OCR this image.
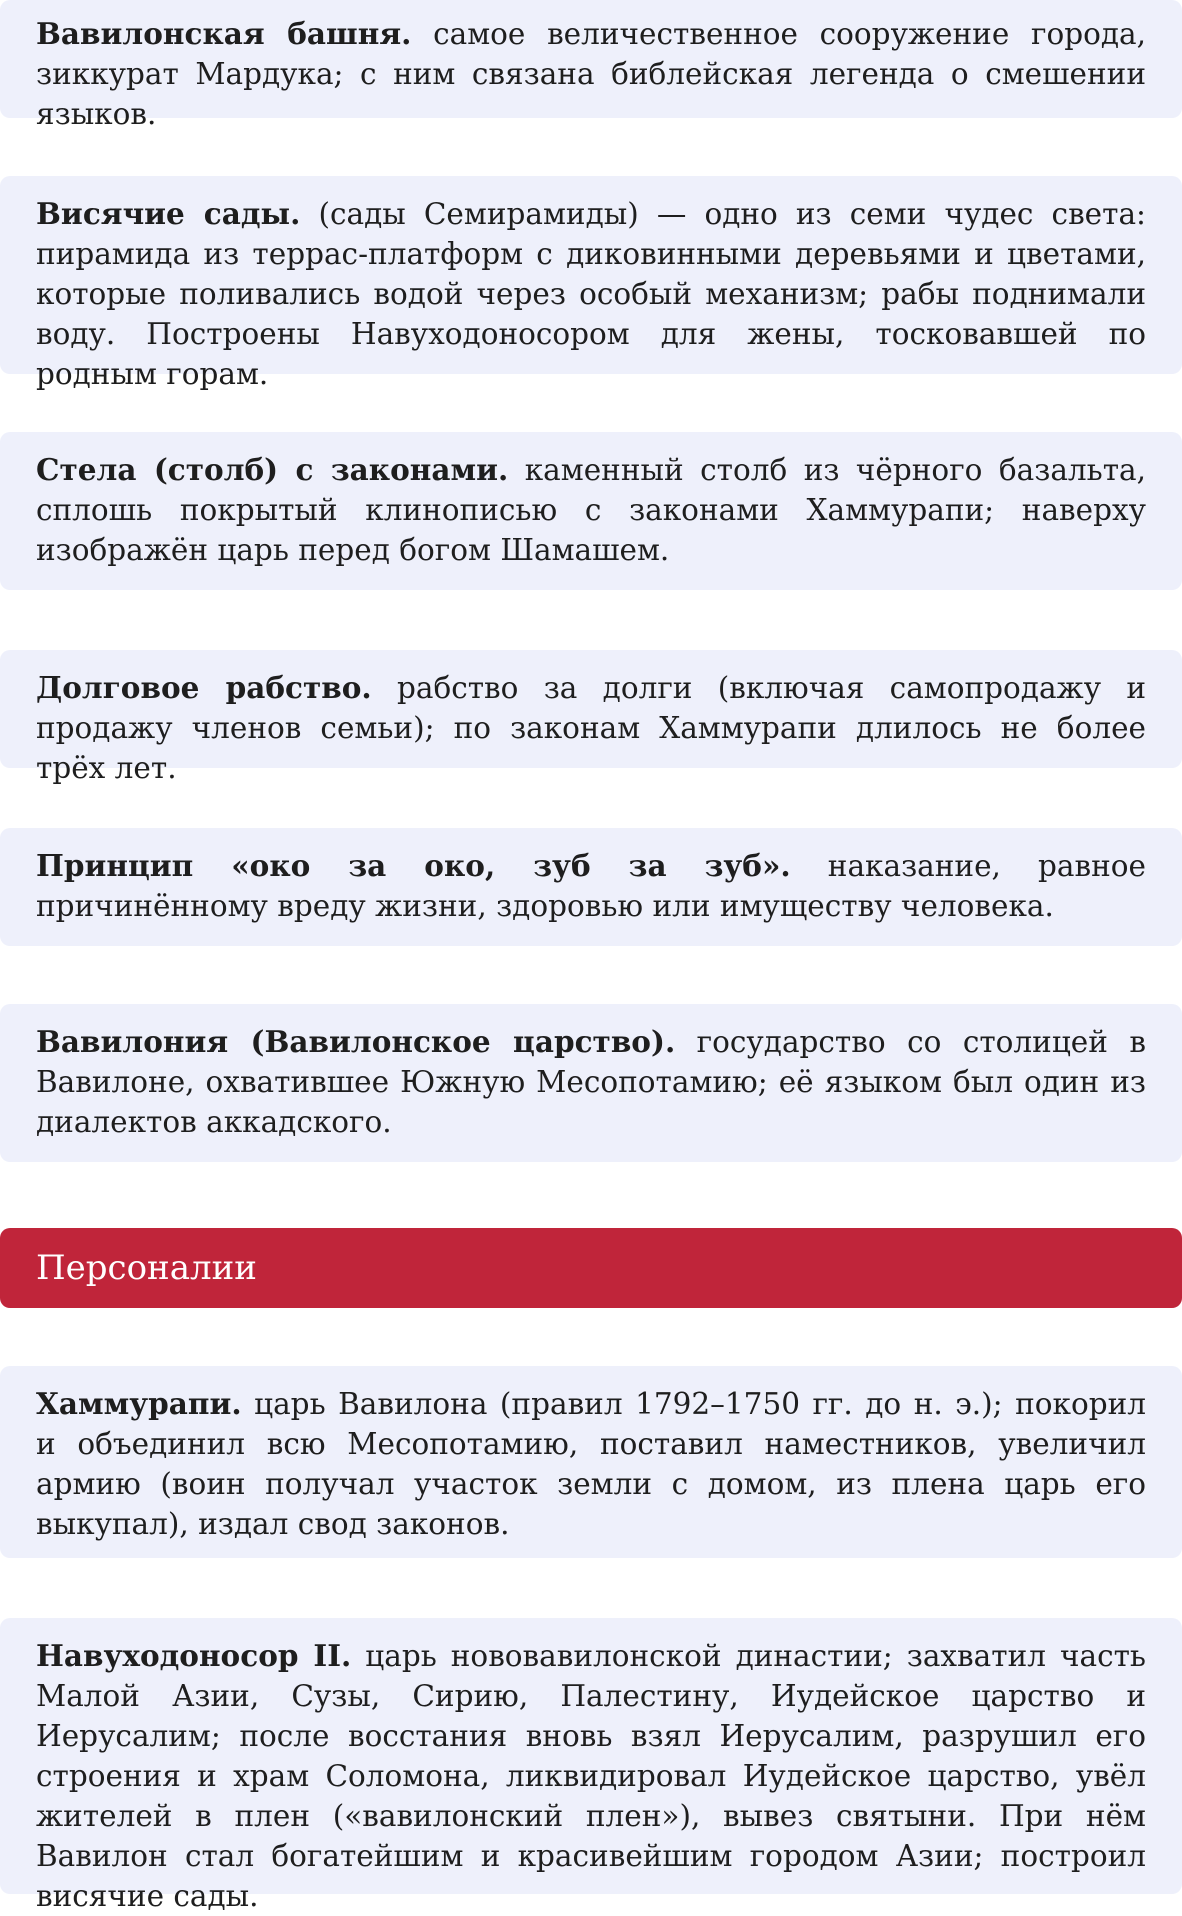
Вавилонская башня. самое величественное сооружение города, зиккурат Мардука; с ним связана библейская легенда о смешении языков.

Висячие сады. (сады Семирамиды) — одно из семи чудес света: пирамида из террас-платформ с диковинными деревьями и цветами, которые поливались водой через особый механизм; рабы поднимали воду. Построены Навуходоносором для жены, тосковавшей по родным горам.

Стела (столб) с законами. каменный столб из чёрного базальта, сплошь покрытый клинописью с законами Хаммурапи; наверху изображён царь перед богом Шамашем.

Долговое рабство. рабство за долги (включая самопродажу и продажу членов семьи); по законам Хаммурапи длилось не более трёх лет.

Принцип «око за око, зуб за зуб». наказание, равное причинённому вреду жизни, здоровью или имуществу человека.

Вавилония (Вавилонское царство). государство со столицей в Вавилоне, охватившее Южную Месопотамию; её языком был один из диалектов аккадского.

Персоналии

Хаммурапи. царь Вавилона (правил 1792–1750 гг. до н. э.); покорил и объединил всю Месопотамию, поставил наместников, увеличил армию (воин получал участок земли с домом, из плена царь его выкупал), издал свод законов.

Навуходоносор II. царь нововавилонской династии; захватил часть Малой Азии, Сузы, Сирию, Палестину, Иудейское царство и Иерусалим; после восстания вновь взял Иерусалим, разрушил его строения и храм Соломона, ликвидировал Иудейское царство, увёл жителей в плен («вавилонский плен»), вывез святыни. При нём Вавилон стал богатейшим и красивейшим городом Азии; построил висячие сады.
